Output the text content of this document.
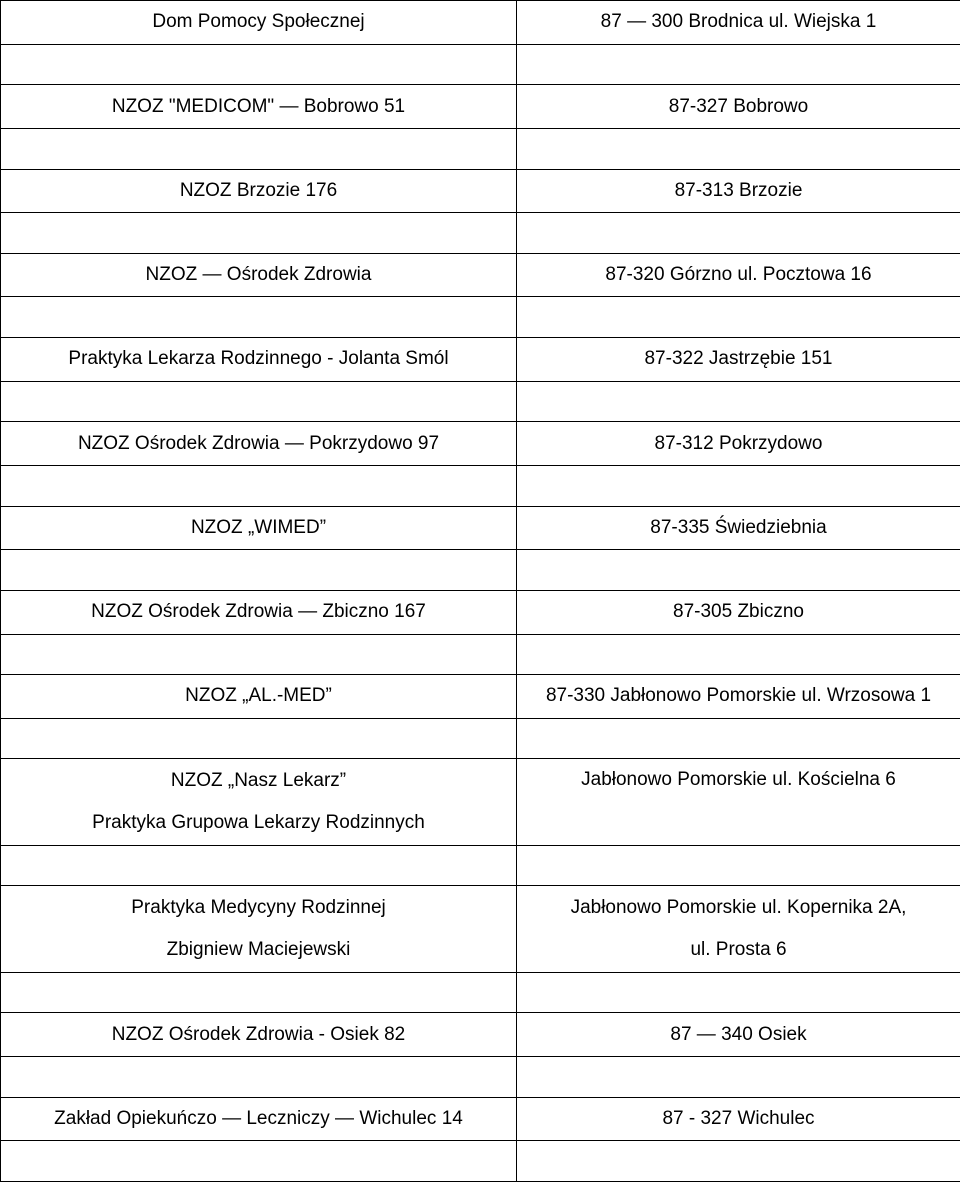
Dom Pomocy Społecznej	87 — 300 Brodnica ul. Wiejska 1

NZOZ "MEDICOM" — Bobrowo 51	87-327 Bobrowo

NZOZ Brzozie 176	87-313 Brzozie

NZOZ — Ośrodek Zdrowia	87-320 Górzno ul. Pocztowa 16

Praktyka Lekarza Rodzinnego - Jolanta Smól	87-322 Jastrzębie 151

NZOZ Ośrodek Zdrowia — Pokrzydowo 97	87-312 Pokrzydowo

NZOZ „WIMED”	87-335 Świedziebnia

NZOZ Ośrodek Zdrowia — Zbiczno 167	87-305 Zbiczno

NZOZ „AL.-MED”	87-330 Jabłonowo Pomorskie ul. Wrzosowa 1

NZOZ „Nasz Lekarz”
Praktyka Grupowa Lekarzy Rodzinnych	Jabłonowo Pomorskie ul. Kościelna 6

Praktyka Medycyny Rodzinnej
Zbigniew Maciejewski	Jabłonowo Pomorskie ul. Kopernika 2A,
ul. Prosta 6

NZOZ Ośrodek Zdrowia - Osiek 82	87 — 340 Osiek

Zakład Opiekuńczo — Leczniczy — Wichulec 14	87 - 327 Wichulec
